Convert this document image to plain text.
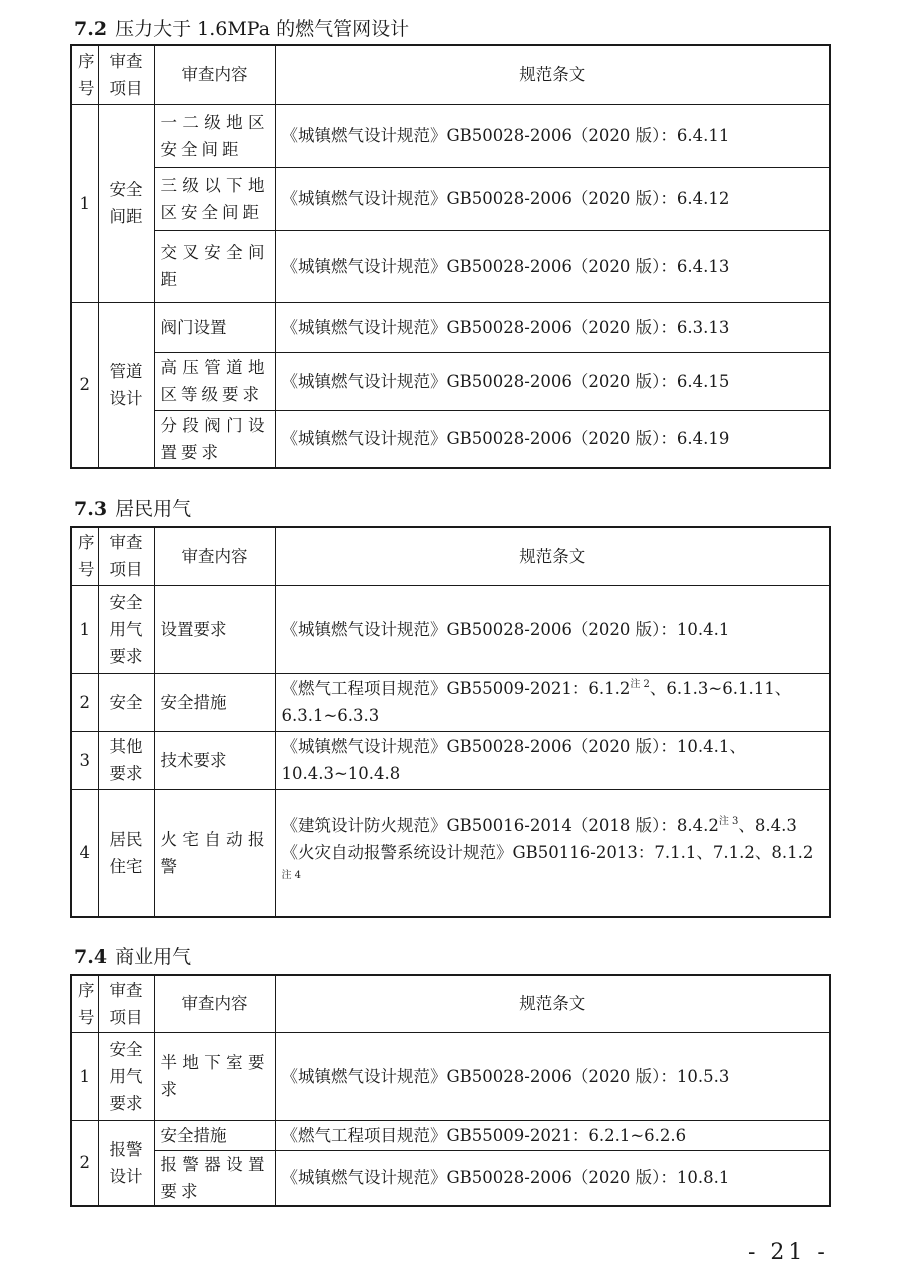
7.2 压力大于 1.6MPa 的燃气管网设计
序号	审查项目	审查内容	规范条文
1	安全间距	一二级地区安全间距	《城镇燃气设计规范》GB50028-2006（2020 版）：6.4.11
		三级以下地区安全间距	《城镇燃气设计规范》GB50028-2006（2020 版）：6.4.12
		交叉安全间距	《城镇燃气设计规范》GB50028-2006（2020 版）：6.4.13
2	管道设计	阀门设置	《城镇燃气设计规范》GB50028-2006（2020 版）：6.3.13
		高压管道地区等级要求	《城镇燃气设计规范》GB50028-2006（2020 版）：6.4.15
		分段阀门设置要求	《城镇燃气设计规范》GB50028-2006（2020 版）：6.4.19
7.3 居民用气
序号	审查项目	审查内容	规范条文
1	安全用气要求	设置要求	《城镇燃气设计规范》GB50028-2006（2020 版）：10.4.1
2	安全	安全措施	《燃气工程项目规范》GB55009-2021：$6.1.2^{注 2}$、6.1.3~6.1.11、6.3.1~6.3.3
3	其他要求	技术要求	《城镇燃气设计规范》GB50028-2006（2020 版）：10.4.1、10.4.3~10.4.8
4	居民住宅	火宅自动报警	《建筑设计防火规范》GB50016-2014（2018 版）：$8.4.2^{注 3}$、8.4.3
《火灾自动报警系统设计规范》GB50116-2013：7.1.1、7.1.2、$8.1.2^{注 4}$
7.4 商业用气
序号	审查项目	审查内容	规范条文
1	安全用气要求	半地下室要求	《城镇燃气设计规范》GB50028-2006（2020 版）：10.5.3
2	报警设计	安全措施	《燃气工程项目规范》GB55009-2021：6.2.1~6.2.6
		报警器设置要求	《城镇燃气设计规范》GB50028-2006（2020 版）：10.8.1
- 21 -
